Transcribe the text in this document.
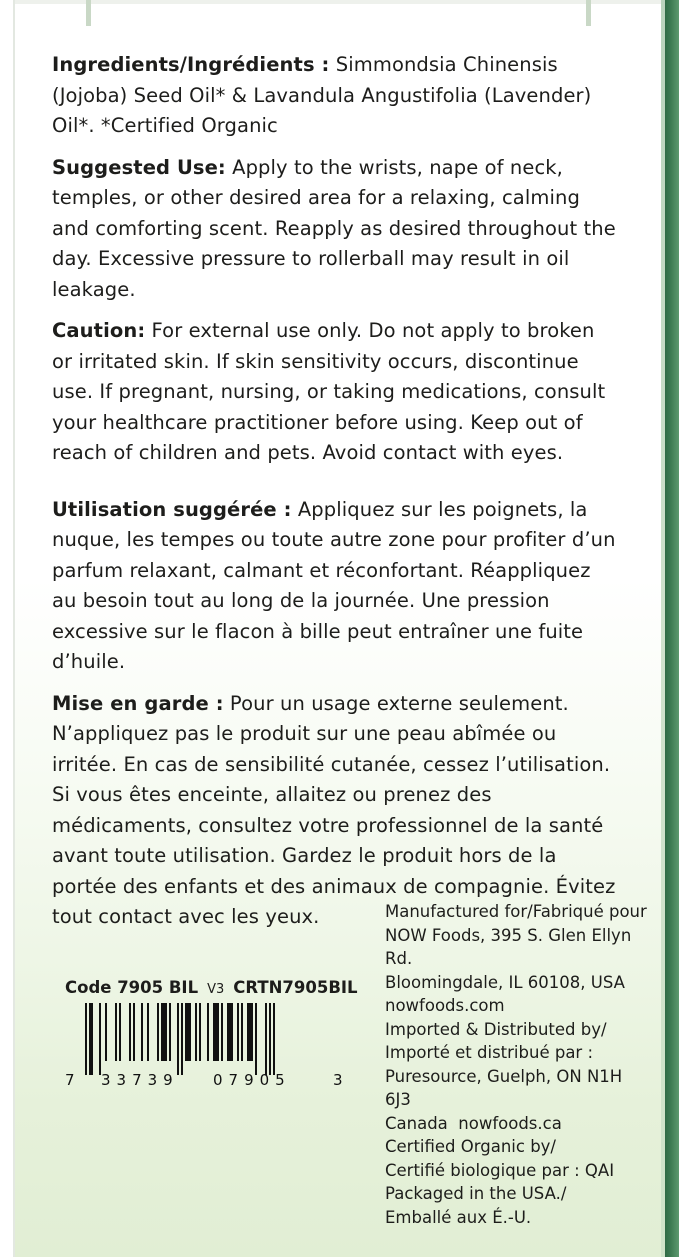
Ingredients/Ingrédients : Simmondsia Chinensis (Jojoba) Seed Oil* & Lavandula Angustifolia (Lavender) Oil*. *Certified Organic

Suggested Use: Apply to the wrists, nape of neck, temples, or other desired area for a relaxing, calming and comforting scent. Reapply as desired throughout the day. Excessive pressure to rollerball may result in oil leakage.

Caution: For external use only. Do not apply to broken or irritated skin. If skin sensitivity occurs, discontinue use. If pregnant, nursing, or taking medications, consult your healthcare practitioner before using. Keep out of reach of children and pets. Avoid contact with eyes.

Utilisation suggérée : Appliquez sur les poignets, la nuque, les tempes ou toute autre zone pour profiter d’un parfum relaxant, calmant et réconfortant. Réappliquez au besoin tout au long de la journée. Une pression excessive sur le flacon à bille peut entraîner une fuite d’huile.

Mise en garde : Pour un usage externe seulement. N’appliquez pas le produit sur une peau abîmée ou irritée. En cas de sensibilité cutanée, cessez l’utilisation. Si vous êtes enceinte, allaitez ou prenez des médicaments, consultez votre professionnel de la santé avant toute utilisation. Gardez le produit hors de la portée des enfants et des animaux de compagnie. Évitez tout contact avec les yeux.	Manufactured for/Fabriqué pour
NOW Foods, 395 S. Glen Ellyn Rd.
Bloomingdale, IL 60108, USA
nowfoods.com
Imported & Distributed by/
Importé et distribué par :
Puresource, Guelph, ON N1H 6J3
Canada  nowfoods.ca
Certified Organic by/
Certifié biologique par : QAI
Packaged in the USA./
Emballé aux É.-U.
Code 7905 BIL V3 CRTN7905BIL
7 33739 07905	3
